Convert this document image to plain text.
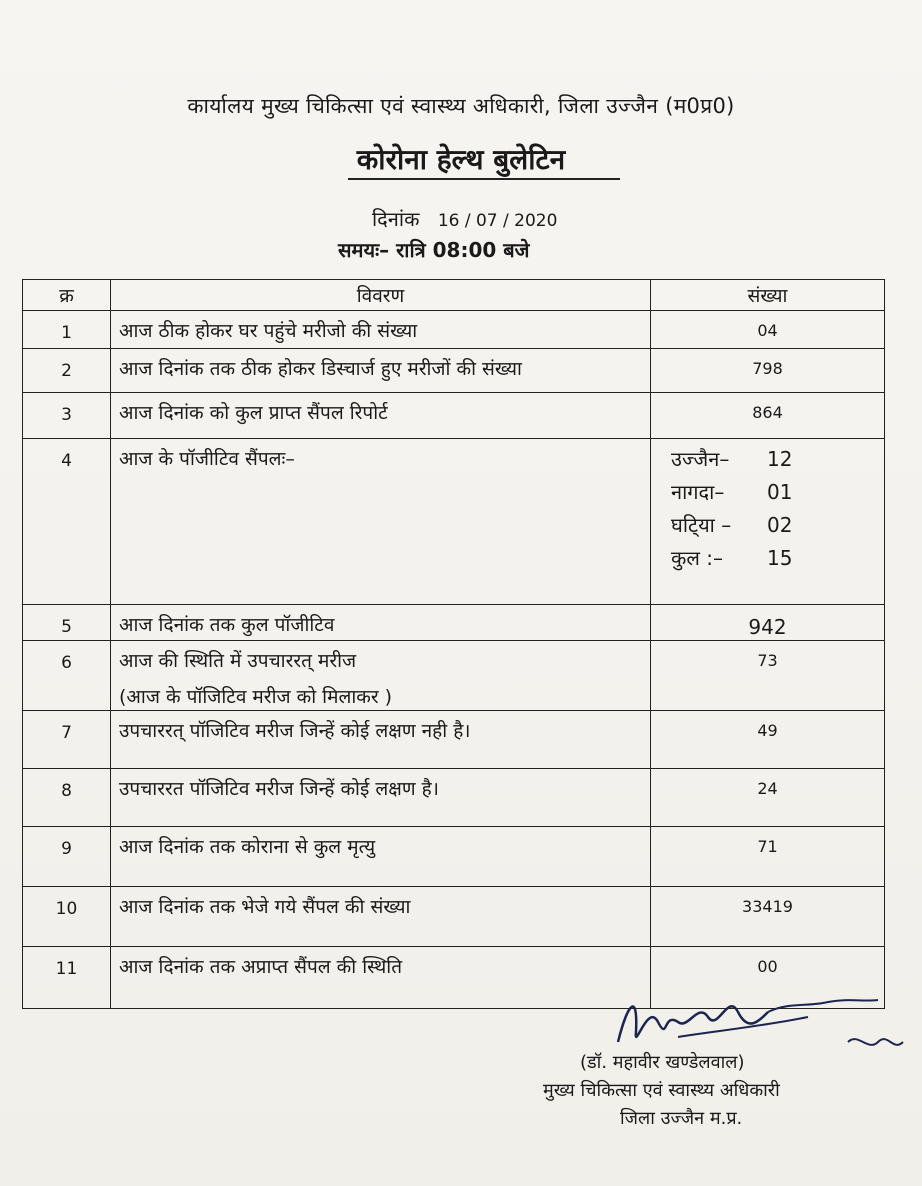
कार्यालय मुख्य चिकित्सा एवं स्वास्थ्य अधिकारी, जिला उज्जैन (म0प्र0)
कोरोना हेल्थ बुलेटिन
दिनांक 16 / 07 / 2020
समयः– रात्रि 08:00 बजे
क्र	विवरण	संख्या
1	आज ठीक होकर घर पहुंचे मरीजो की संख्या	04
2	आज दिनांक तक ठीक होकर डिस्चार्ज हुए मरीजों की संख्या	798
3	आज दिनांक को कुल प्राप्त सैंपल रिपोर्ट	864
4	आज के पॉजीटिव सैंपलः–	उज्जैन– 12
नागदा– 01
घटि्या – 02
कुल :– 15

5	आज दिनांक तक कुल पॉजीटिव	942
6	आज की स्थिति में उपचाररत् मरीज
(आज के पॉजिटिव मरीज को मिलाकर )	73
7	उपचाररत् पॉजिटिव मरीज जिन्हें कोई लक्षण नही है।	49
8	उपचाररत पॉजिटिव मरीज जिन्हें कोई लक्षण है।	24
9	आज दिनांक तक कोराना से कुल मृत्यु	71
10	आज दिनांक तक भेजे गये सैंपल की संख्या	33419
11	आज दिनांक तक अप्राप्त सैंपल की स्थिति	00
(डॉ. महावीर खण्डेलवाल)
मुख्य चिकित्सा एवं स्वास्थ्य अधिकारी
जिला उज्जैन म.प्र.
